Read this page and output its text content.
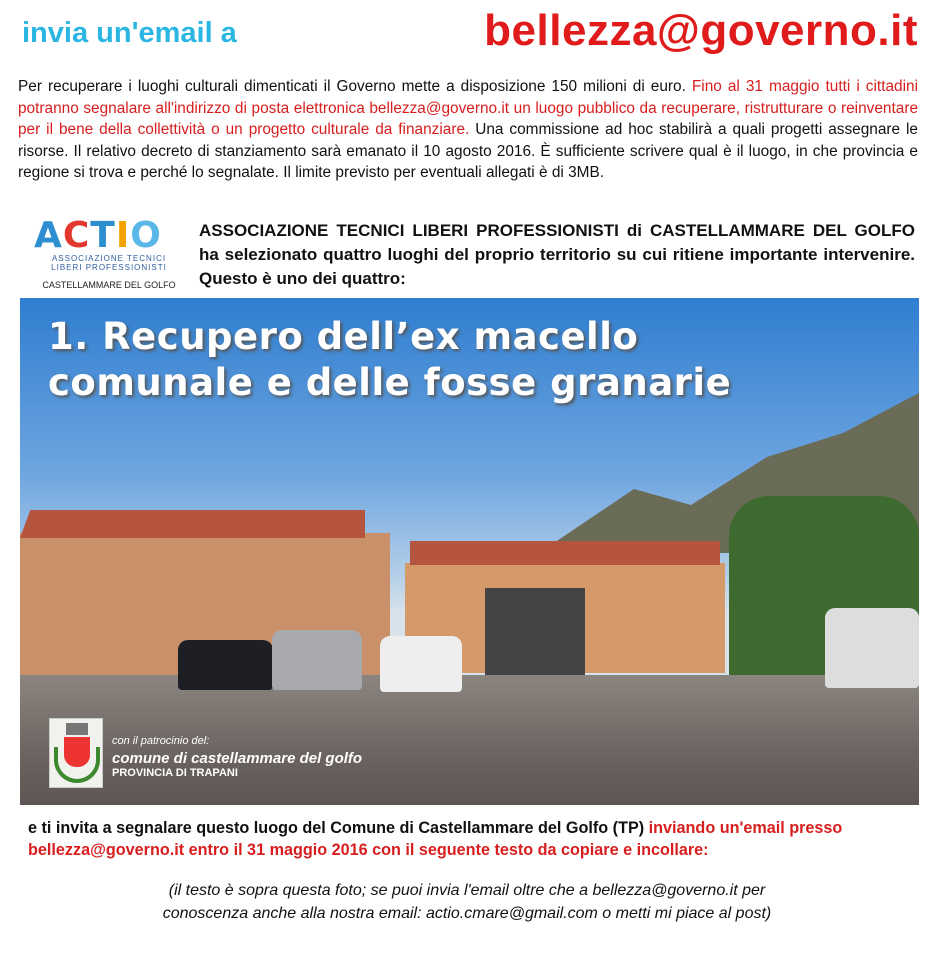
invia un'email a	bellezza@governo.it

Per recuperare i luoghi culturali dimenticati il Governo mette a disposizione 150 milioni di euro. Fino al 31 maggio tutti i cittadini potranno segnalare all'indirizzo di posta elettronica bellezza@governo.it un luogo pubblico da recuperare, ristrutturare o reinventare per il bene della collettività o un progetto culturale da finanziare. Una commissione ad hoc stabilirà a quali progetti assegnare le risorse. Il relativo decreto di stanziamento sarà emanato il 10 agosto 2016. È sufficiente scrivere qual è il luogo, in che provincia e regione si trova e perché lo segnalate. Il limite previsto per eventuali allegati è di 3MB.

ACTIO
ASSOCIAZIONE TECNICI
LIBERI PROFESSIONISTI
CASTELLAMMARE DEL GOLFO

ASSOCIAZIONE TECNICI LIBERI PROFESSIONISTI di CASTELLAMMARE DEL GOLFO ha selezionato quattro luoghi del proprio territorio su cui ritiene importante intervenire. Questo è uno dei quattro:

1. Recupero dell’ex macello
comunale e delle fosse granarie
con il patrocinio del:
comune di castellammare del golfo
PROVINCIA DI TRAPANI

e ti invita a segnalare questo luogo del Comune di Castellammare del Golfo (TP) inviando un'email presso bellezza@governo.it entro il 31 maggio 2016 con il seguente testo da copiare e incollare:

(il testo è sopra questa foto; se puoi invia l'email oltre che a bellezza@governo.it per
conoscenza anche alla nostra email: actio.cmare@gmail.com o metti mi piace al post)
